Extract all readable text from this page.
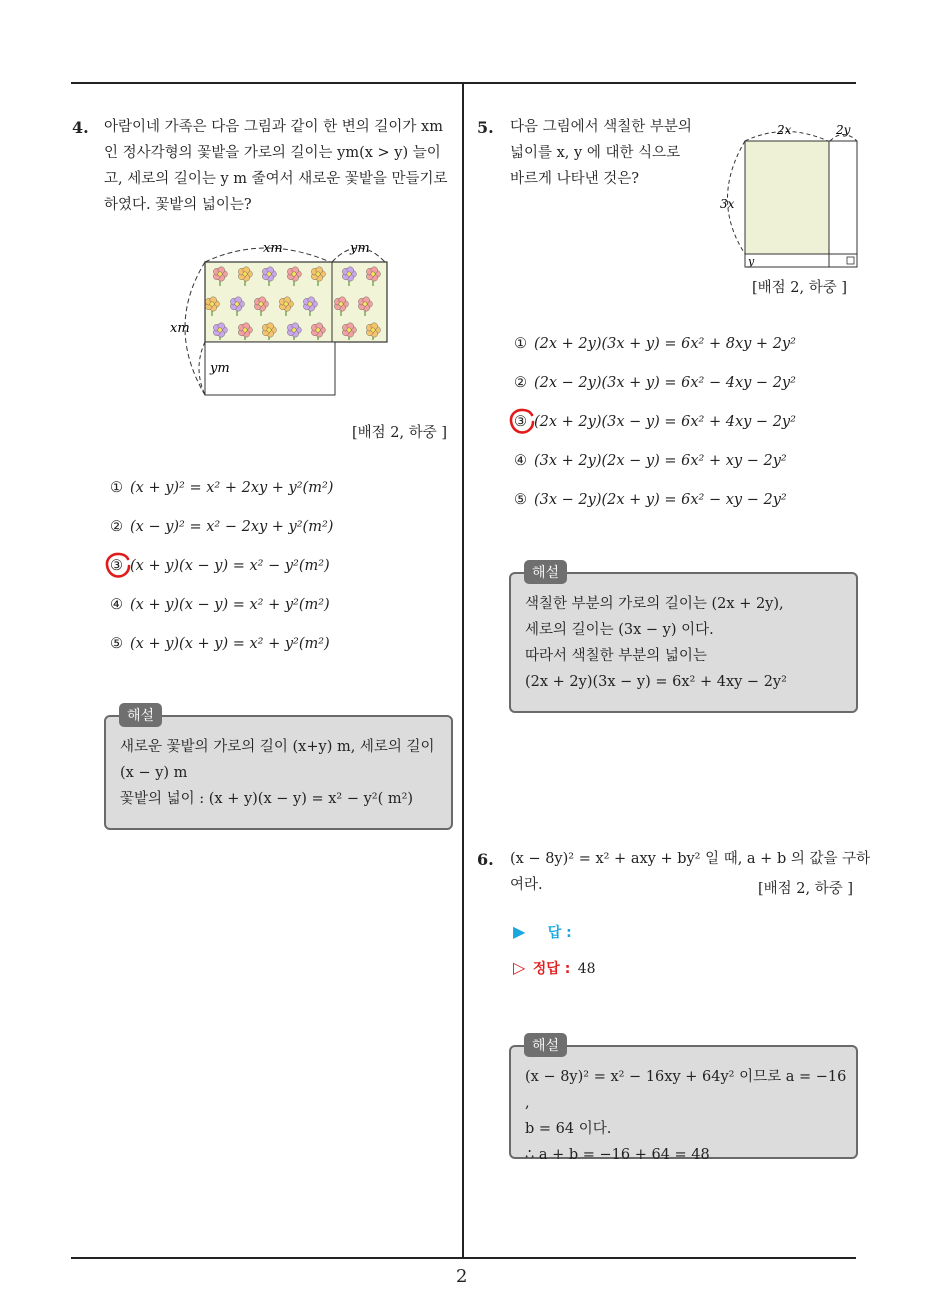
4. 아람이네 가족은 다음 그림과 같이 한 변의 길이가 xm
인 정사각형의 꽃밭을 가로의 길이는 ym(x > y) 늘이
고, 세로의 길이는 y m 줄여서 새로운 꽃밭을 만들기로
하였다. 꽃밭의 넓이는?
xm	ym
xm
ym
[배점 2, 하중 ]
① (x + y)² = x² + 2xy + y²(m²)
② (x − y)² = x² − 2xy + y²(m²)
③ (x + y)(x − y) = x² − y²(m²)
④ (x + y)(x − y) = x² + y²(m²)
⑤ (x + y)(x + y) = x² + y²(m²)
새로운 꽃밭의 가로의 길이 (x+y) m, 세로의 길이
(x − y) m
꽃밭의 넓이 : (x + y)(x − y) = x² − y²( m²)
해설
5. 다음 그림에서 색칠한 부분의
넓이를 x, y 에 대한 식으로
바르게 나타낸 것은?
2x	2y
3x
y
[배점 2, 하중 ]
① (2x + 2y)(3x + y) = 6x² + 8xy + 2y²
② (2x − 2y)(3x + y) = 6x² − 4xy − 2y²
③ (2x + 2y)(3x − y) = 6x² + 4xy − 2y²
④ (3x + 2y)(2x − y) = 6x² + xy − 2y²
⑤ (3x − 2y)(2x + y) = 6x² − xy − 2y²
색칠한 부분의 가로의 길이는 (2x + 2y),
세로의 길이는 (3x − y) 이다.
따라서 색칠한 부분의 넓이는
(2x + 2y)(3x − y) = 6x² + 4xy − 2y²
해설
6. (x − 8y)² = x² + axy + by² 일 때, a + b 의 값을 구하
여라.	[배점 2, 하중 ]
▶ 답 :
▷ 정답 : 48
(x − 8y)² = x² − 16xy + 64y² 이므로 a = −16 ,
b = 64 이다.
∴ a + b = −16 + 64 = 48
해설
2
